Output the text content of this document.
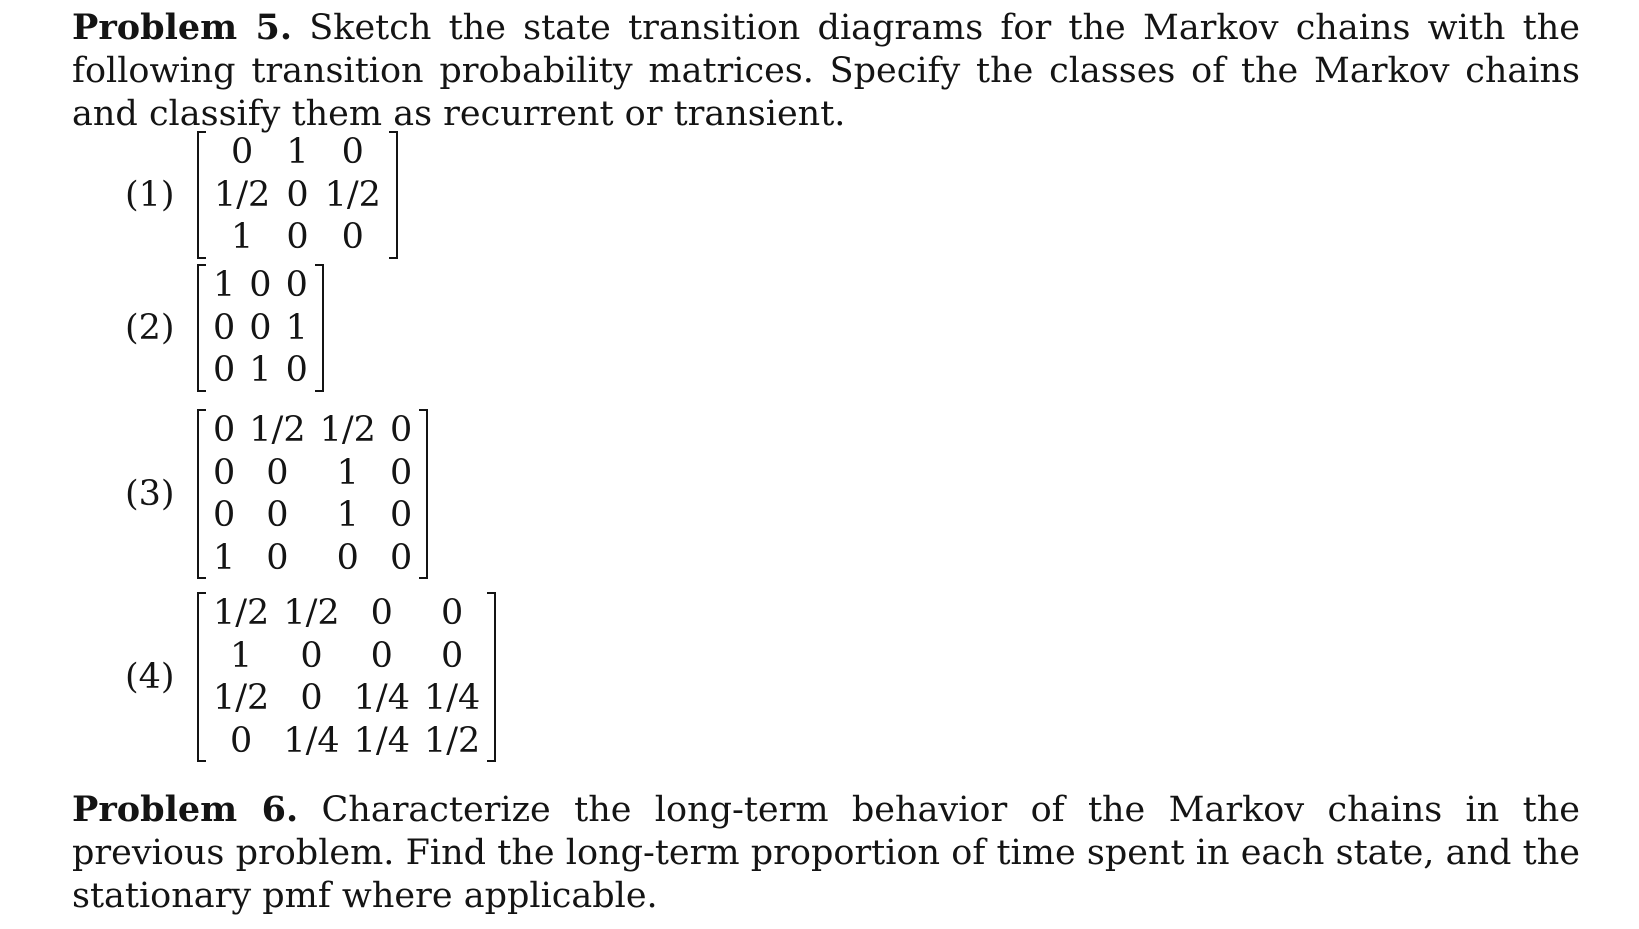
Problem 5. Sketch the state transition diagrams for the Markov chains with the following transition probability matrices. Specify the classes of the Markov chains and classify them as recurrent or transient.

(1)
0	1	0
1/2	0	1/2
1	0	0
(2)
1	0	0
0	0	1
0	1	0
(3)
0	1/2	1/2	0
0	0	1	0
0	0	1	0
1	0	0	0
(4)
1/2	1/2	0	0
1	0	0	0
1/2	0	1/4	1/4
0	1/4	1/4	1/2

Problem 6. Characterize the long-term behavior of the Markov chains in the previous problem. Find the long-term proportion of time spent in each state, and the stationary pmf where applicable.
